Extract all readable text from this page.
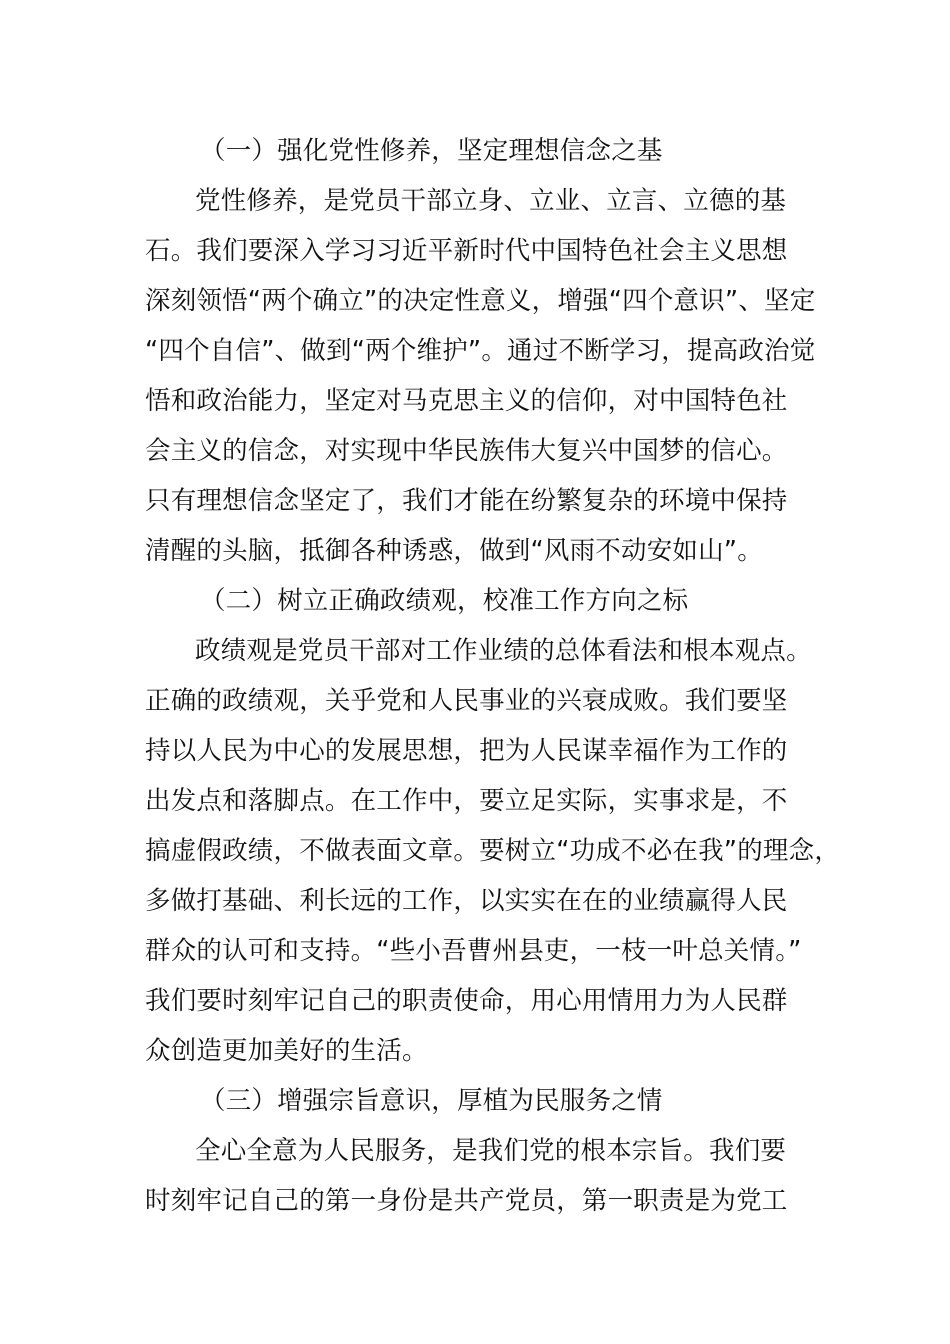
（一）强化党性修养，坚定理想信念之基
党性修养，是党员干部立身、立业、立言、立德的基
石。我们要深入学习习近平新时代中国特色社会主义思想
深刻领悟“两个确立”的决定性意义，增强“四个意识”、坚定
“四个自信”、做到“两个维护”。通过不断学习，提高政治觉
悟和政治能力，坚定对马克思主义的信仰，对中国特色社
会主义的信念，对实现中华民族伟大复兴中国梦的信心。
只有理想信念坚定了，我们才能在纷繁复杂的环境中保持
清醒的头脑，抵御各种诱惑，做到“风雨不动安如山”。
（二）树立正确政绩观，校准工作方向之标
政绩观是党员干部对工作业绩的总体看法和根本观点。
正确的政绩观，关乎党和人民事业的兴衰成败。我们要坚
持以人民为中心的发展思想，把为人民谋幸福作为工作的
出发点和落脚点。在工作中，要立足实际，实事求是，不
搞虚假政绩，不做表面文章。要树立“功成不必在我”的理念，
多做打基础、利长远的工作，以实实在在的业绩赢得人民
群众的认可和支持。“些小吾曹州县吏，一枝一叶总关情。”
我们要时刻牢记自己的职责使命，用心用情用力为人民群
众创造更加美好的生活。
（三）增强宗旨意识，厚植为民服务之情
全心全意为人民服务，是我们党的根本宗旨。我们要
时刻牢记自己的第一身份是共产党员，第一职责是为党工
